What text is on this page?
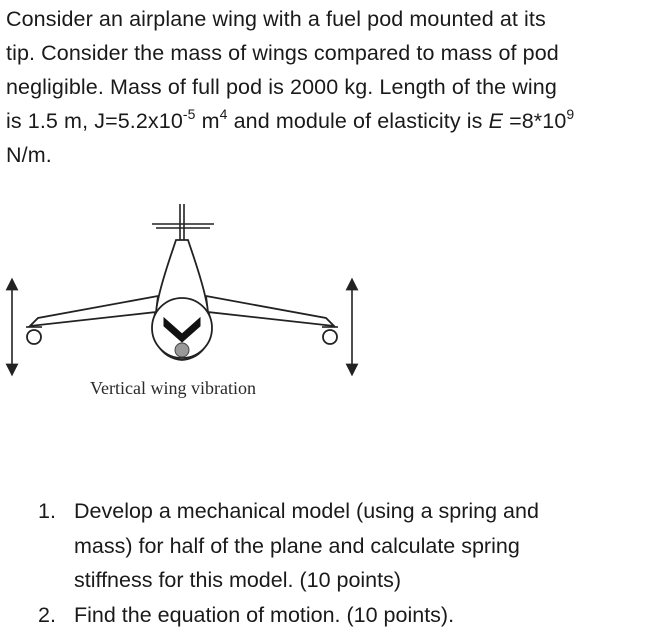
Consider an airplane wing with a fuel pod mounted at its
tip. Consider the mass of wings compared to mass of pod
negligible. Mass of full pod is 2000 kg. Length of the wing
is 1.5 m, $J=5.2x10^{-5}$ $m^4$ and module of elasticity is $E =8*10^9$
N/m.
Vertical wing vibration
1. Develop a mechanical model (using a spring and
mass) for half of the plane and calculate spring
stiffness for this model. (10 points)
2. Find the equation of motion. (10 points).
